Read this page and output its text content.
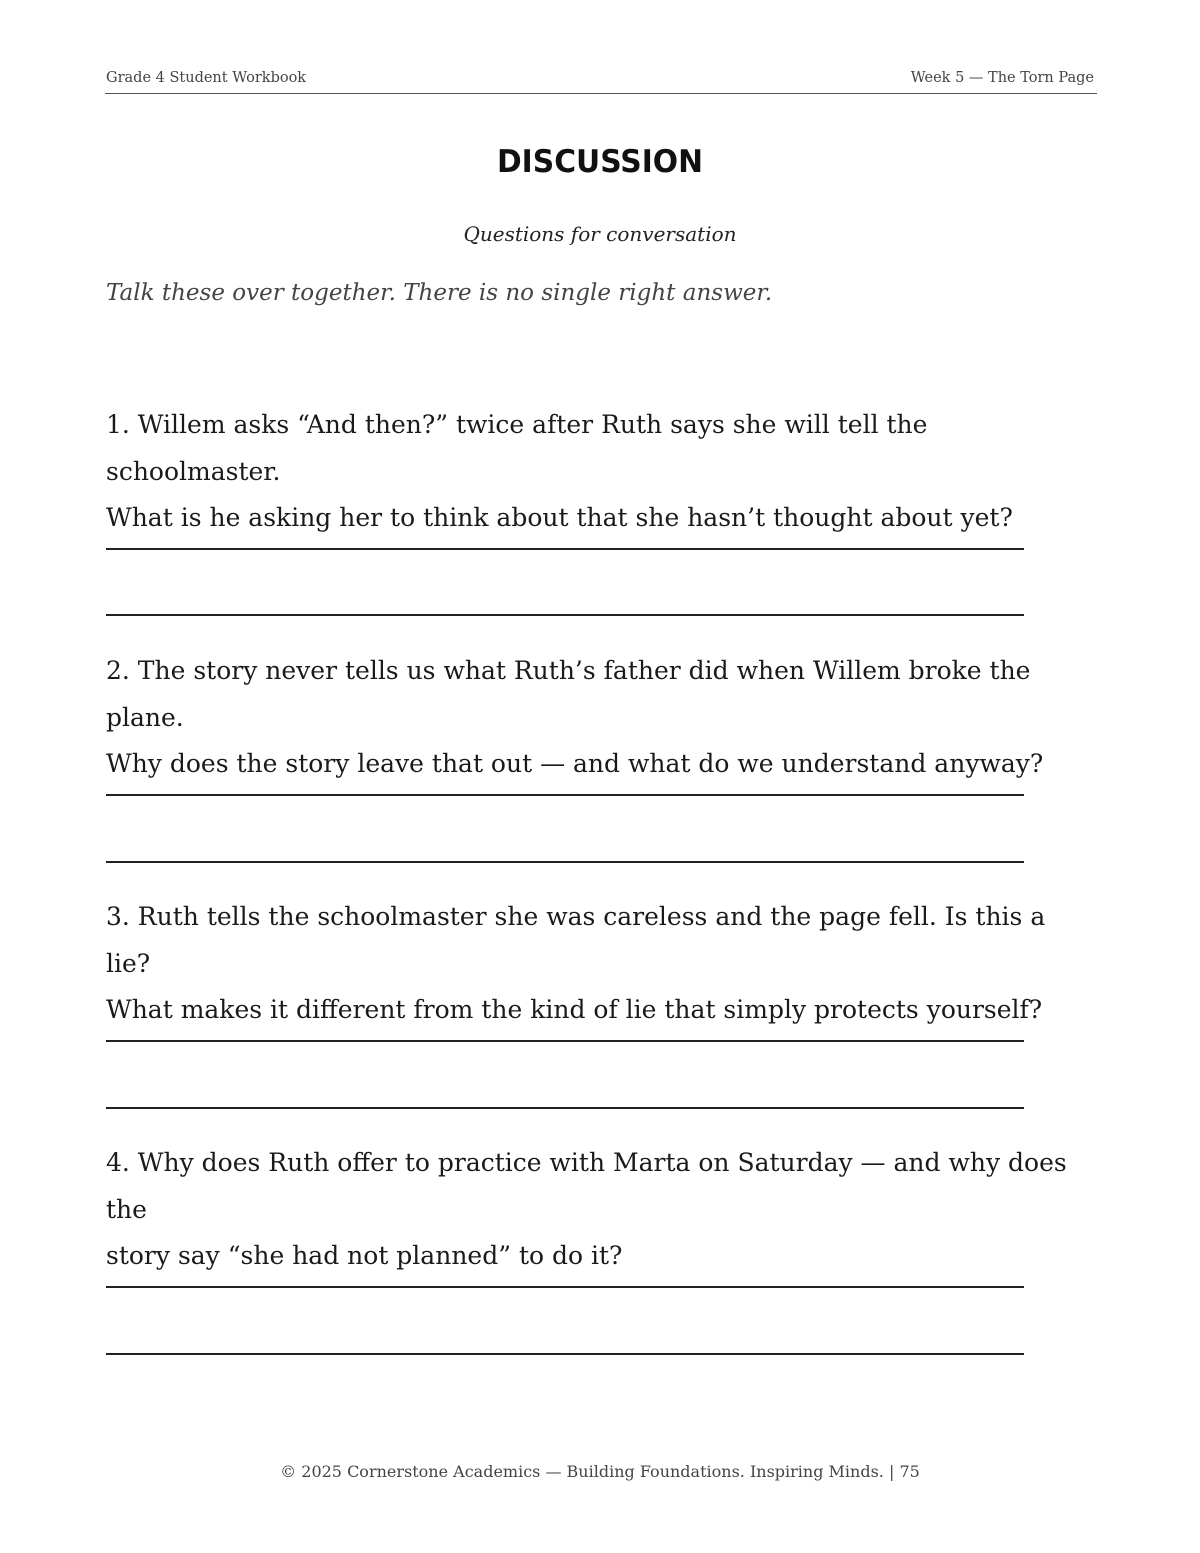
Grade 4 Student Workbook	Week 5 — The Torn Page
DISCUSSION
Questions for conversation
Talk these over together. There is no single right answer.
1. Willem asks “And then?” twice after Ruth says she will tell the schoolmaster.
What is he asking her to think about that she hasn’t thought about yet?
2. The story never tells us what Ruth’s father did when Willem broke the plane.
Why does the story leave that out — and what do we understand anyway?
3. Ruth tells the schoolmaster she was careless and the page fell. Is this a lie?
What makes it different from the kind of lie that simply protects yourself?
4. Why does Ruth offer to practice with Marta on Saturday — and why does the
story say “she had not planned” to do it?
© 2025 Cornerstone Academics — Building Foundations. Inspiring Minds. | 75
